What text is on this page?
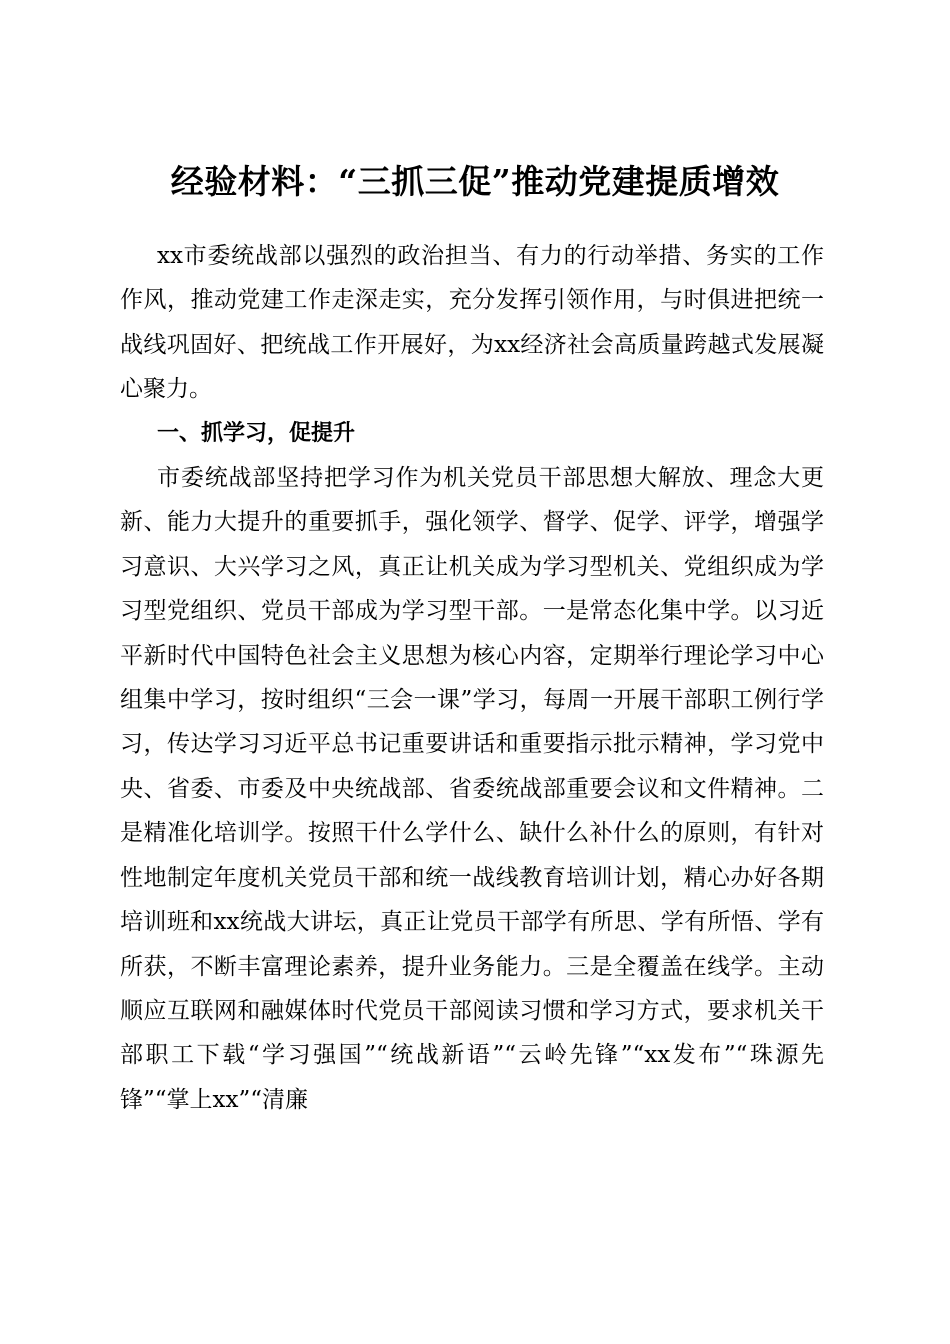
经验材料：“三抓三促”推动党建提质增效

xx市委统战部以强烈的政治担当、有力的行动举措、务实的工作作风，推动党建工作走深走实，充分发挥引领作用，与时俱进把统一战线巩固好、把统战工作开展好，为xx经济社会高质量跨越式发展凝心聚力。

一、抓学习，促提升

市委统战部坚持把学习作为机关党员干部思想大解放、理念大更新、能力大提升的重要抓手，强化领学、督学、促学、评学，增强学习意识、大兴学习之风，真正让机关成为学习型机关、党组织成为学习型党组织、党员干部成为学习型干部。一是常态化集中学。以习近平新时代中国特色社会主义思想为核心内容，定期举行理论学习中心组集中学习，按时组织“三会一课”学习，每周一开展干部职工例行学习，传达学习习近平总书记重要讲话和重要指示批示精神，学习党中央、省委、市委及中央统战部、省委统战部重要会议和文件精神。二是精准化培训学。按照干什么学什么、缺什么补什么的原则，有针对性地制定年度机关党员干部和统一战线教育培训计划，精心办好各期培训班和xx统战大讲坛，真正让党员干部学有所思、学有所悟、学有所获，不断丰富理论素养，提升业务能力。三是全覆盖在线学。主动顺应互联网和融媒体时代党员干部阅读习惯和学习方式，要求机关干部职工下载“学习强国”“统战新语”“云岭先锋”“xx发布”“珠源先锋”“掌上xx”“清廉
